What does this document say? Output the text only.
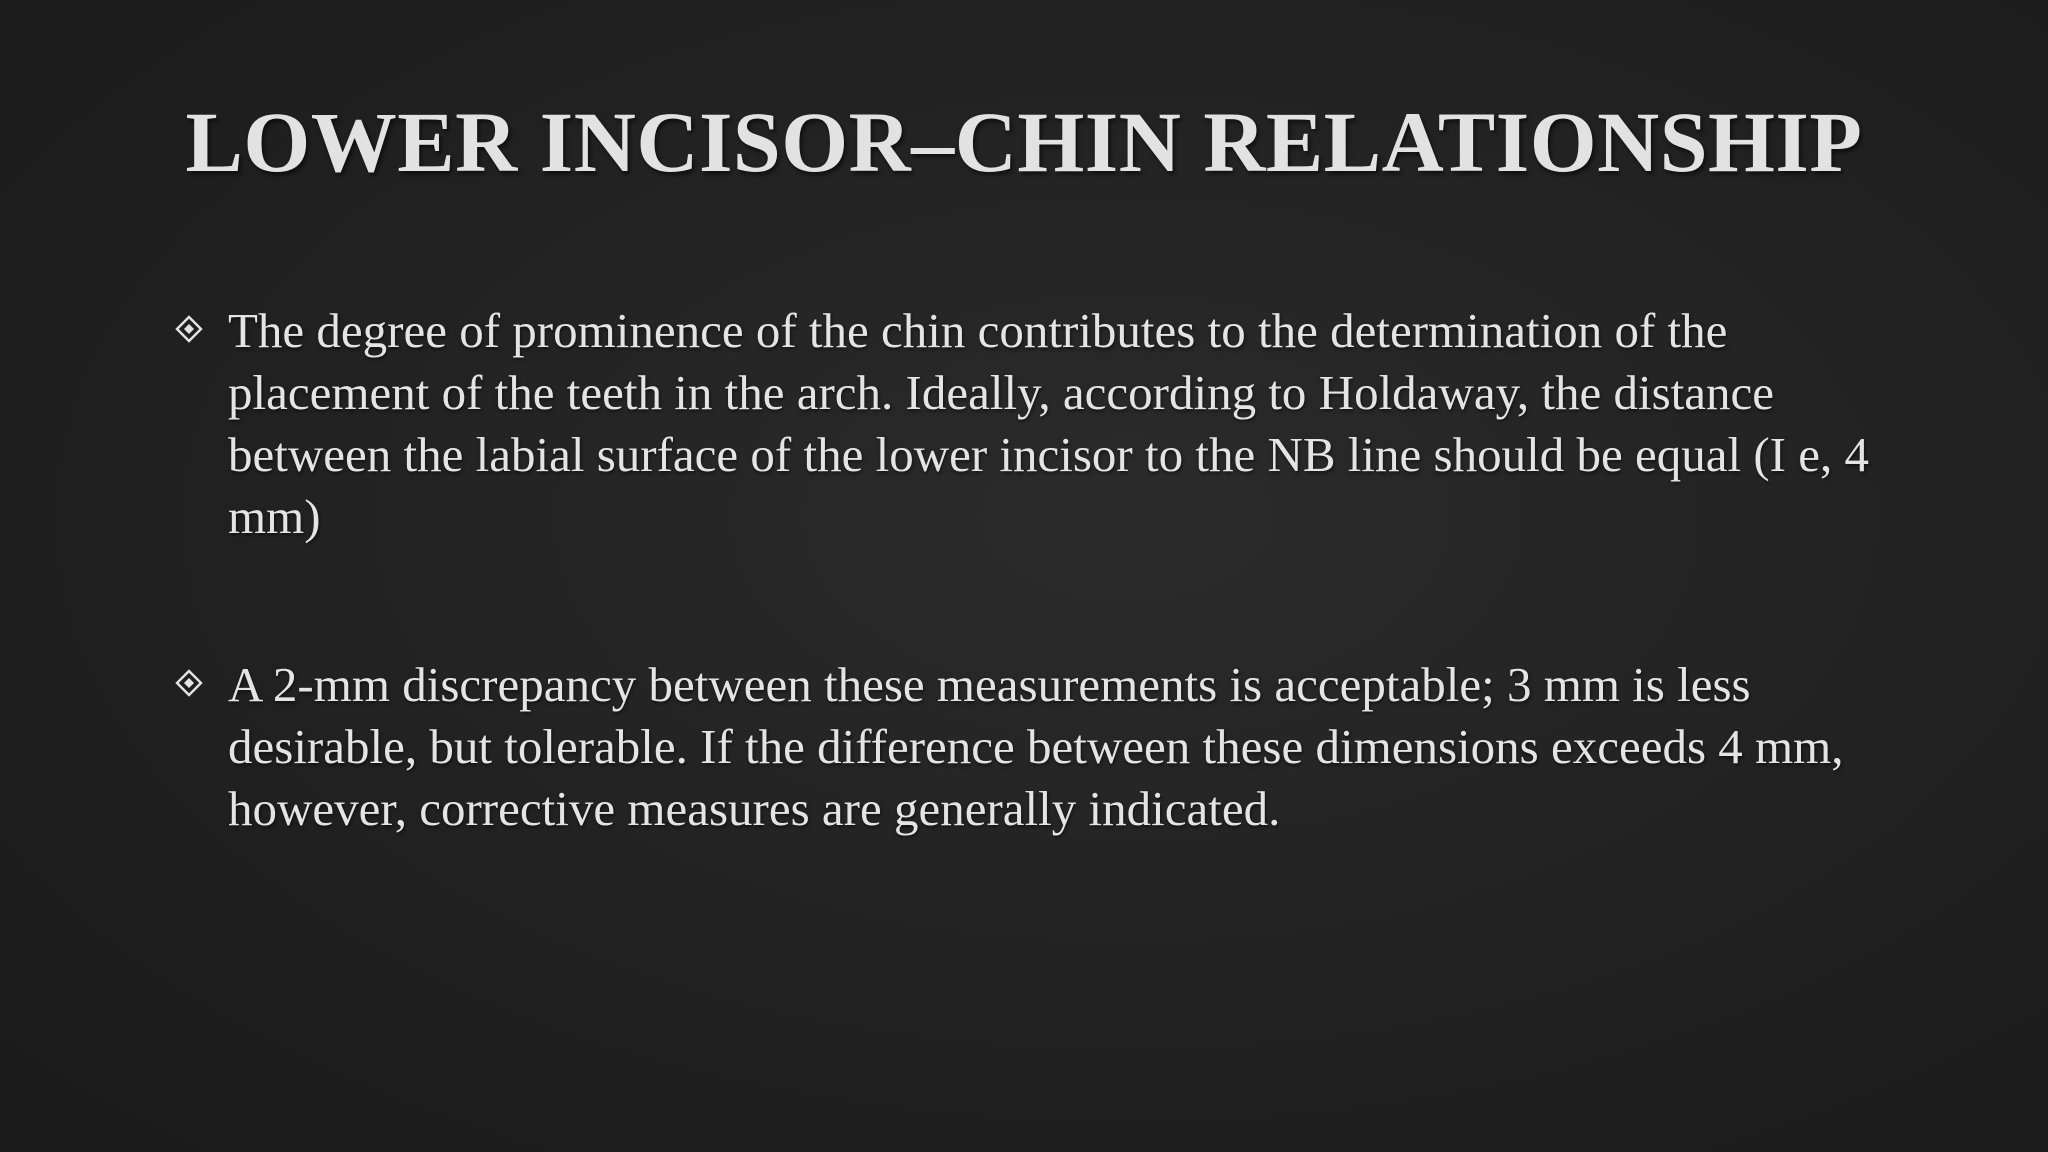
LOWER INCISOR–CHIN RELATIONSHIP
The degree of prominence of the chin contributes to the determination of the placement of the teeth in the arch. Ideally, according to Holdaway, the distance between the labial surface of the lower incisor to the NB line should be equal (I e, 4 mm)
A 2-mm discrepancy between these measurements is acceptable; 3 mm is less desirable, but tolerable. If the difference between these dimensions exceeds 4 mm, however, corrective measures are generally indicated.
